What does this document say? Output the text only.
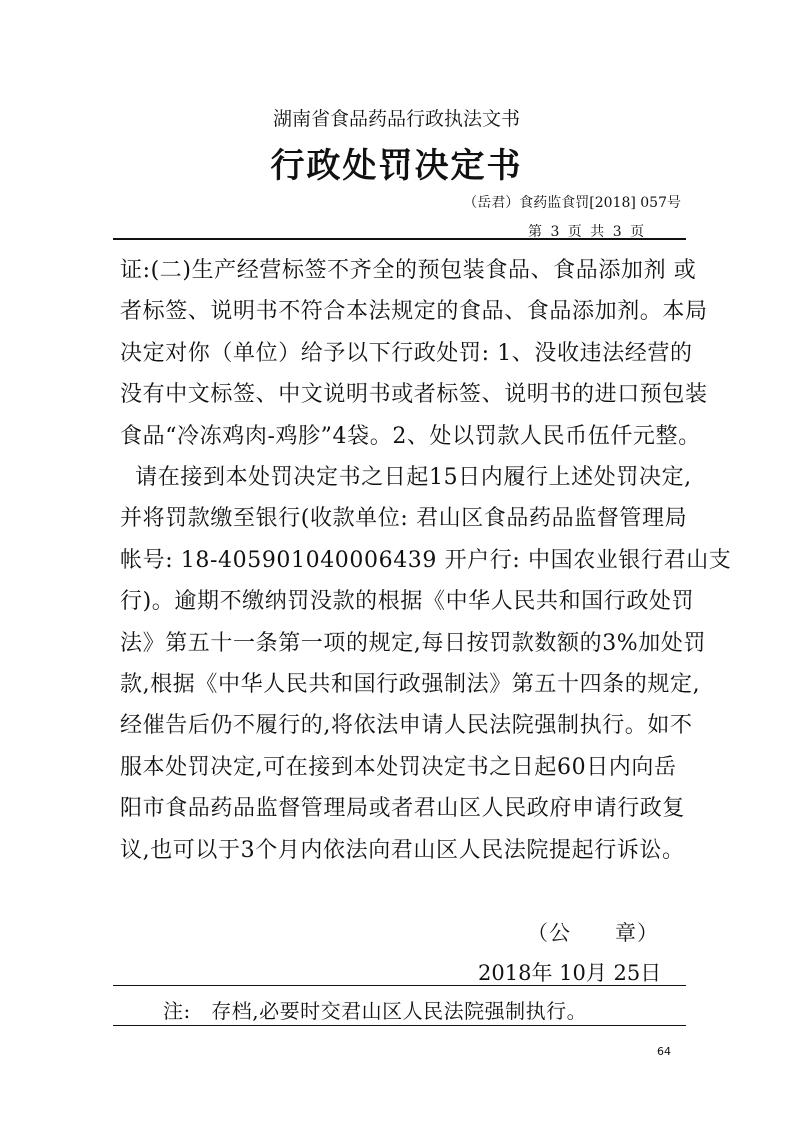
湖南省食品药品行政执法文书
行政处罚决定书
（岳君）食药监食罚[2018] 057号
第 3 页 共 3 页
证:(二)生产经营标签不齐全的预包装食品、食品添加剂 或
者标签、说明书不符合本法规定的食品、食品添加剂。本局
决定对你（单位）给予以下行政处罚: 1、没收违法经营的
没有中文标签、中文说明书或者标签、说明书的进口预包装
食品“冷冻鸡肉-鸡胗”4袋。2、处以罚款人民币伍仟元整。
请在接到本处罚决定书之日起15日内履行上述处罚决定,
并将罚款缴至银行(收款单位: 君山区食品药品监督管理局
帐号: 18-405901040006439 开户行: 中国农业银行君山支
行)。逾期不缴纳罚没款的根据《中华人民共和国行政处罚
法》第五十一条第一项的规定,每日按罚款数额的3%加处罚
款,根据《中华人民共和国行政强制法》第五十四条的规定,
经催告后仍不履行的,将依法申请人民法院强制执行。如不
服本处罚决定,可在接到本处罚决定书之日起60日内向岳
阳市食品药品监督管理局或者君山区人民政府申请行政复
议,也可以于3个月内依法向君山区人民法院提起行诉讼。
（公　　章）
2018年 10月 25日
注:　存档,必要时交君山区人民法院强制执行。
64
